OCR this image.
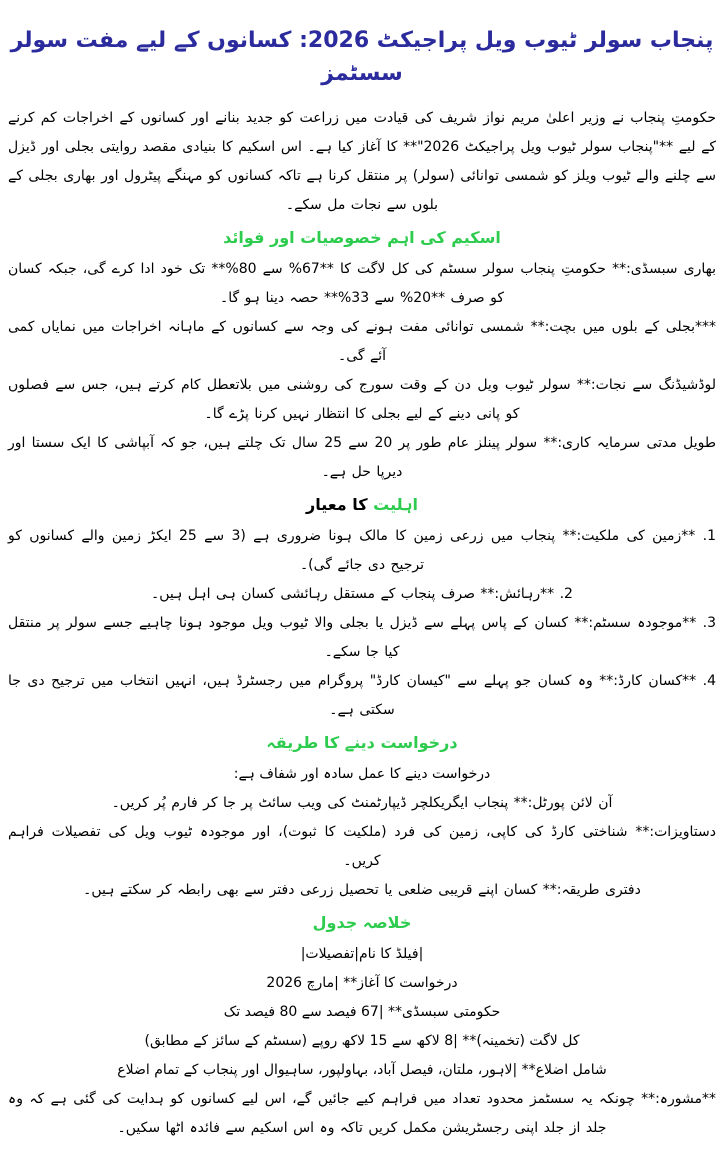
پنجاب سولر ٹیوب ویل پراجیکٹ 2026: کسانوں کے لیے مفت سولر سسٹمز

حکومتِ پنجاب نے وزیر اعلیٰ مریم نواز شریف کی قیادت میں زراعت کو جدید بنانے اور کسانوں کے اخراجات کم کرنے کے لیے **"پنجاب سولر ٹیوب ویل پراجیکٹ 2026"** کا آغاز کیا ہے۔ اس اسکیم کا بنیادی مقصد روایتی بجلی اور ڈیزل سے چلنے والے ٹیوب ویلز کو شمسی توانائی (سولر) پر منتقل کرنا ہے تاکہ کسانوں کو مہنگے پیٹرول اور بھاری بجلی کے بلوں سے نجات مل سکے۔

اسکیم کی اہم خصوصیات اور فوائد

بھاری سبسڈی:** حکومتِ پنجاب سولر سسٹم کی کل لاگت کا **67% سے 80%** تک خود ادا کرے گی، جبکہ کسان کو صرف **20% سے 33%** حصہ دینا ہو گا۔

***بجلی کے بلوں میں بچت:** شمسی توانائی مفت ہونے کی وجہ سے کسانوں کے ماہانہ اخراجات میں نمایاں کمی آئے گی۔

لوڈشیڈنگ سے نجات:** سولر ٹیوب ویل دن کے وقت سورج کی روشنی میں بلاتعطل کام کرتے ہیں، جس سے فصلوں کو پانی دینے کے لیے بجلی کا انتظار نہیں کرنا پڑے گا۔

طویل مدتی سرمایہ کاری:** سولر پینلز عام طور پر 20 سے 25 سال تک چلتے ہیں، جو کہ آبپاشی کا ایک سستا اور دیرپا حل ہے۔

اہلیت کا معیار

1. **زمین کی ملکیت:** پنجاب میں زرعی زمین کا مالک ہونا ضروری ہے (3 سے 25 ایکڑ زمین والے کسانوں کو ترجیح دی جائے گی)۔

2. **رہائش:** صرف پنجاب کے مستقل رہائشی کسان ہی اہل ہیں۔

3. **موجودہ سسٹم:** کسان کے پاس پہلے سے ڈیزل یا بجلی والا ٹیوب ویل موجود ہونا چاہیے جسے سولر پر منتقل کیا جا سکے۔

4. **کسان کارڈ:** وہ کسان جو پہلے سے "کیسان کارڈ" پروگرام میں رجسٹرڈ ہیں، انہیں انتخاب میں ترجیح دی جا سکتی ہے۔

درخواست دینے کا طریقہ

درخواست دینے کا عمل سادہ اور شفاف ہے:

آن لائن پورٹل:** پنجاب ایگریکلچر ڈیپارٹمنٹ کی ویب سائٹ پر جا کر فارم پُر کریں۔

دستاویزات:** شناختی کارڈ کی کاپی، زمین کی فرد (ملکیت کا ثبوت)، اور موجودہ ٹیوب ویل کی تفصیلات فراہم کریں۔

دفتری طریقہ:** کسان اپنے قریبی ضلعی یا تحصیل زرعی دفتر سے بھی رابطہ کر سکتے ہیں۔

خلاصہ جدول

|فیلڈ کا نام|تفصیلات|

درخواست کا آغاز** |مارچ 2026

حکومتی سبسڈی** |67 فیصد سے 80 فیصد تک

کل لاگت (تخمینہ)** |8 لاکھ سے 15 لاکھ روپے (سسٹم کے سائز کے مطابق)

شامل اضلاع** |لاہور، ملتان، فیصل آباد، بہاولپور، ساہیوال اور پنجاب کے تمام اضلاع

**مشورہ:** چونکہ یہ سسٹمز محدود تعداد میں فراہم کیے جائیں گے، اس لیے کسانوں کو ہدایت کی گئی ہے کہ وہ جلد از جلد اپنی رجسٹریشن مکمل کریں تاکہ وہ اس اسکیم سے فائدہ اٹھا سکیں۔
